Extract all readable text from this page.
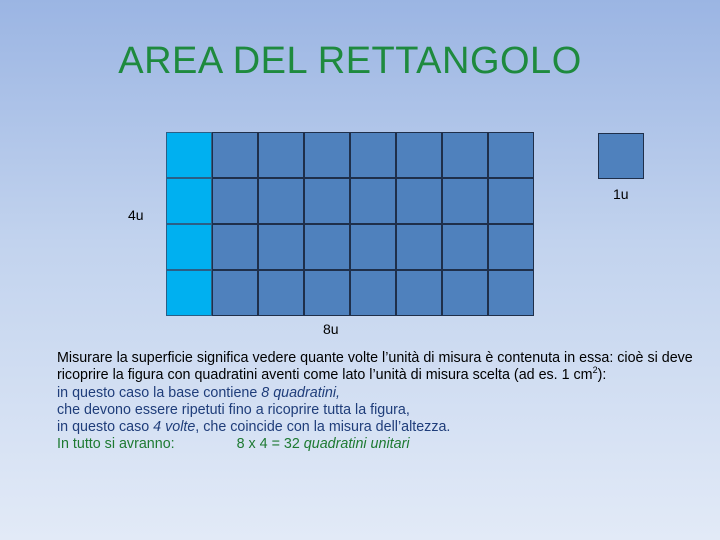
AREA DEL RETTANGOLO
1u
4u
8u

Misurare la superficie significa vedere quante volte l’unità di misura è contenuta in essa: cioè si deve ricoprire la figura con quadratini aventi come lato l’unità di misura scelta (ad es. 1 $cm^2$):

in questo caso la base contiene 8 quadratini,

che devono essere ripetuti fino a ricoprire tutta la figura,

in questo caso 4 volte, che coincide con la misura dell’altezza.

In tutto si avranno:	8 x 4 = 32 quadratini unitari
